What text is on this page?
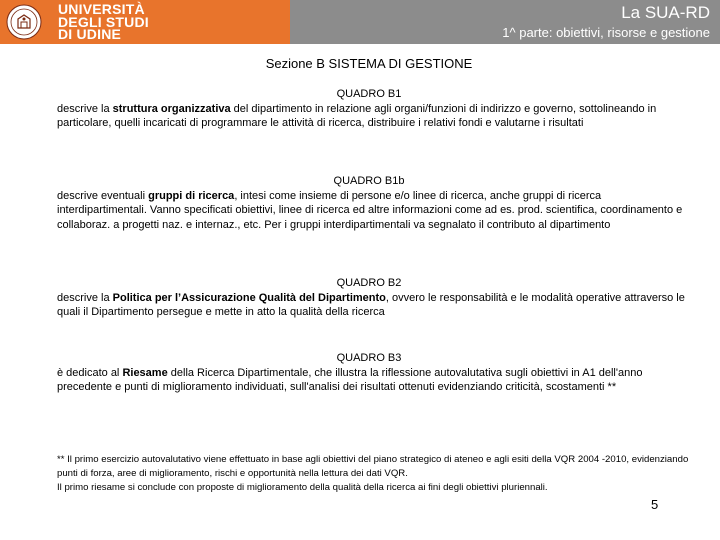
UNIVERSITÀ
DEGLI STUDI
DI UDINE
La SUA-RD
1^ parte: obiettivi, risorse e gestione
Sezione B SISTEMA DI GESTIONE
QUADRO B1
descrive la struttura organizzativa del dipartimento in relazione agli organi/funzioni di indirizzo e governo, sottolineando in particolare, quelli incaricati di programmare le attività di ricerca, distribuire i relativi fondi e valutarne i risultati
QUADRO B1b
descrive eventuali gruppi di ricerca, intesi come insieme di persone e/o linee di ricerca, anche gruppi di ricerca interdipartimentali. Vanno specificati obiettivi, linee di ricerca ed altre informazioni come ad es. prod. scientifica, coordinamento e collaboraz. a progetti naz. e internaz., etc. Per i gruppi interdipartimentali va segnalato il contributo al dipartimento
QUADRO B2
descrive la Politica per l’Assicurazione Qualità del Dipartimento, ovvero le responsabilità e le modalità operative attraverso le quali il Dipartimento persegue e mette in atto la qualità della ricerca
QUADRO B3
è dedicato al Riesame della Ricerca Dipartimentale, che illustra la riflessione autovalutativa sugli obiettivi in A1 dell'anno precedente e punti di miglioramento individuati, sull'analisi dei risultati ottenuti evidenziando criticità, scostamenti **
** Il primo esercizio autovalutativo viene effettuato in base agli obiettivi del piano strategico di ateneo e agli esiti della VQR 2004 -2010, evidenziando punti di forza, aree di miglioramento, rischi e opportunità nella lettura dei dati VQR.
Il primo riesame si conclude con proposte di miglioramento della qualità della ricerca ai fini degli obiettivi pluriennali.
5
